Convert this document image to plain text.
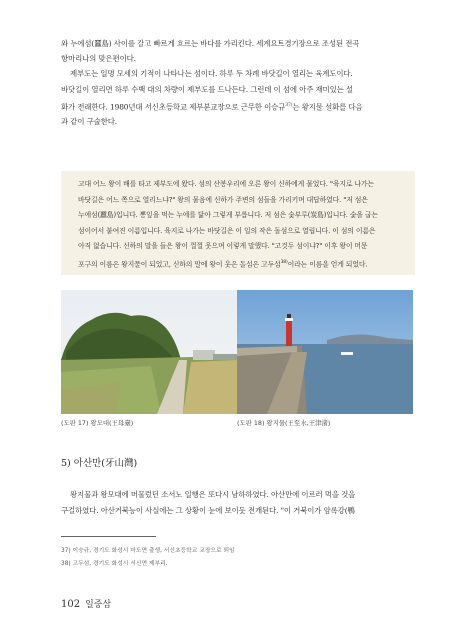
와 누에섬(蠶島) 사이를 갈고 빠르게 흐르는 바다를 가리킨다. 세계요트경기장으로 조성된 전곡

항마리나의 맞은편이다.

제부도는 일명 모세의 기적이 나타나는 섬이다. 하루 두 차례 바닷길이 열리는 육계도이다.

바닷길이 열리면 하루 수백 대의 차량이 제부도를 드나든다. 그런데 이 섬에 아주 재미있는 설

화가 전래한다. 1980년대 서신초등학교 제부분교장으로 근무한 이승규$^{37)}$는 왕지물 설화를 다음

과 같이 구술한다.

고대 어느 왕이 배를 타고 제부도에 왔다. 섬의 산봉우리에 오른 왕이 신하에게 물었다. "육지로 나가는
바닷길은 어느 쪽으로 열리느냐?" 왕의 물음에 신하가 주변의 섬들을 가리키며 대답하였다. "저 섬은
누에섬(蠶島)입니다. 뽕잎을 먹는 누에를 닮아 그렇게 부릅니다. 저 섬은 숯부루(炭島)입니다. 숯을 굽는
섬이어서 붙여진 이름입니다. 육지로 나가는 바닷길은 이 일의 작은 돌섬으로 열립니다. 이 섬의 이름은
아직 없습니다. 신하의 말을 들은 왕이 껄껄 웃으며 이렇게 말했다. "고것두 섬이냐?" 이후 왕이 머문
포구의 이름은 왕지물이 되었고, 신하의 말에 왕이 웃은 돌섬은 고두섬$^{38)}$이라는 이름을 얻게 되었다.
(도판 17) 왕모대(王母臺)	(도판 18) 왕지물(王至水,王津渚)
5) 아산만(牙山灣)

왕지물과 왕모대에 머물렀던 소서노 일행은 또다시 남하하였다. 아산만에 이르러 먹을 것을

구걸하였다. 아산거북능이 사실에는 그 상황이 눈에 보이듯 전개된다. "이 거북이가 암록강(鴨

37) 이승규, 경기도 화성시 마도면 출생, 서신초등학교 교장으로 퇴임
38) 고두섬, 경기도 화성시 서신면 제부리.
102 일중삼
